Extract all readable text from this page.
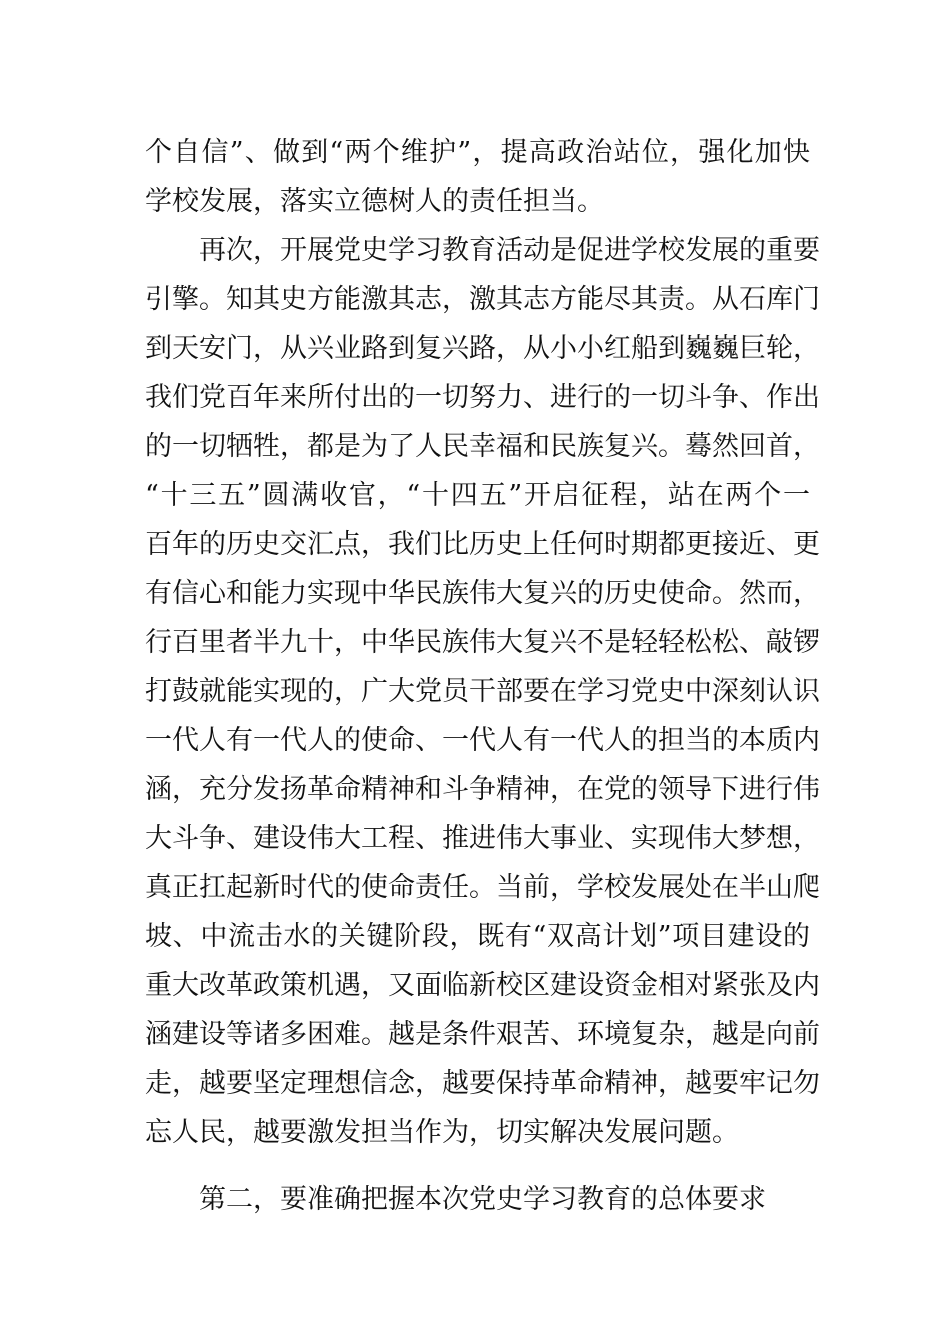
个自信”、做到“两个维护”，提高政治站位，强化加快
学校发展，落实立德树人的责任担当。
再次，开展党史学习教育活动是促进学校发展的重要
引擎。知其史方能激其志，激其志方能尽其责。从石库门
到天安门，从兴业路到复兴路，从小小红船到巍巍巨轮，
我们党百年来所付出的一切努力、进行的一切斗争、作出
的一切牺牲，都是为了人民幸福和民族复兴。蓦然回首，
“十三五”圆满收官，“十四五”开启征程，站在两个一
百年的历史交汇点，我们比历史上任何时期都更接近、更
有信心和能力实现中华民族伟大复兴的历史使命。然而，
行百里者半九十，中华民族伟大复兴不是轻轻松松、敲锣
打鼓就能实现的，广大党员干部要在学习党史中深刻认识
一代人有一代人的使命、一代人有一代人的担当的本质内
涵，充分发扬革命精神和斗争精神，在党的领导下进行伟
大斗争、建设伟大工程、推进伟大事业、实现伟大梦想，
真正扛起新时代的使命责任。当前，学校发展处在半山爬
坡、中流击水的关键阶段，既有“双高计划”项目建设的
重大改革政策机遇，又面临新校区建设资金相对紧张及内
涵建设等诸多困难。越是条件艰苦、环境复杂，越是向前
走，越要坚定理想信念，越要保持革命精神，越要牢记勿
忘人民，越要激发担当作为，切实解决发展问题。
第二，要准确把握本次党史学习教育的总体要求
